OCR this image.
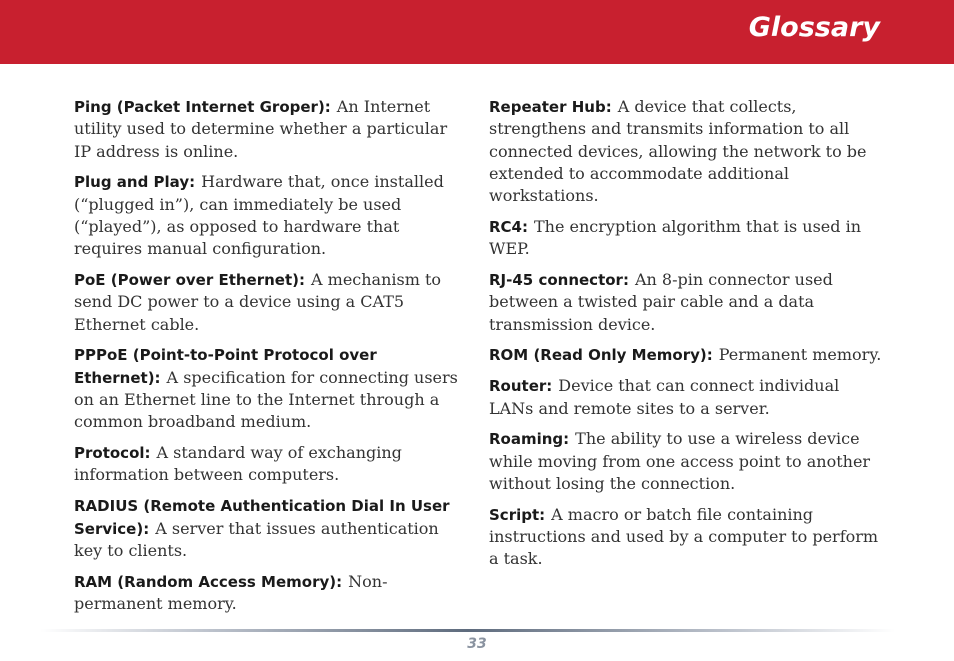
Glossary

Ping (Packet Internet Groper): An Internet utility used to determine whether a particular IP address is online.

Plug and Play: Hardware that, once installed (“plugged in”), can immediately be used (“played”), as opposed to hardware that requires manual configuration.

PoE (Power over Ethernet): A mechanism to send DC power to a device using a CAT5 Ethernet cable.

PPPoE (Point-to-Point Protocol over Ethernet): A specification for connecting users on an Ethernet line to the Internet through a common broadband medium.

Protocol: A standard way of exchanging information between computers.

RADIUS (Remote Authentication Dial In User Service): A server that issues authentication key to clients.

RAM (Random Access Memory): Non-permanent memory.

Repeater Hub: A device that collects, strengthens and transmits information to all connected devices, allowing the network to be extended to accommodate additional workstations.

RC4: The encryption algorithm that is used in WEP.

RJ-45 connector: An 8-pin connector used between a twisted pair cable and a data transmission device.

ROM (Read Only Memory): Permanent memory.

Router: Device that can connect individual LANs and remote sites to a server.

Roaming: The ability to use a wireless device while moving from one access point to another without losing the connection.

Script: A macro or batch file containing instructions and used by a computer to perform a task.

33
